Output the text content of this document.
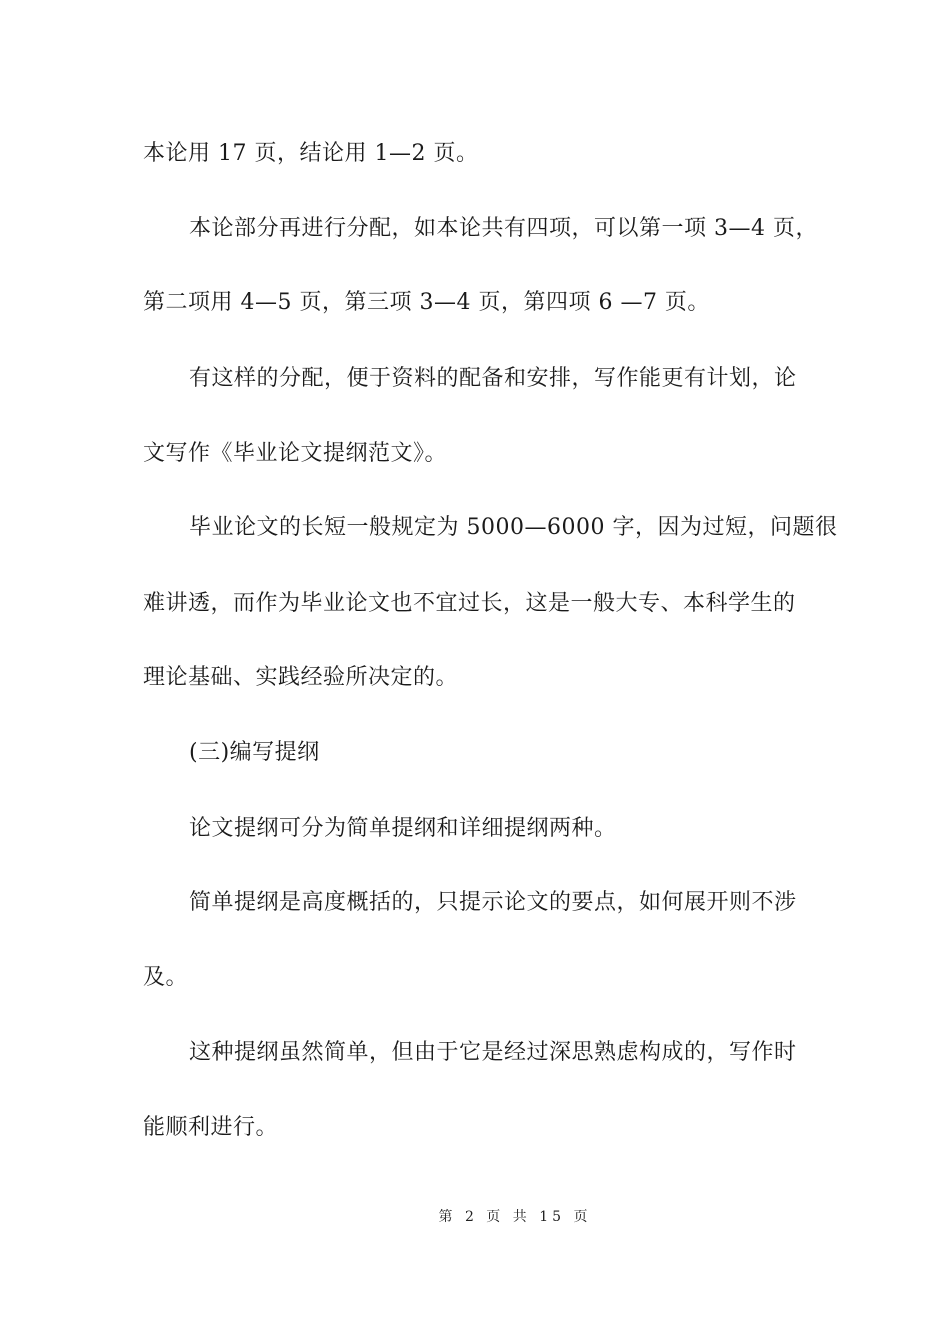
本论用 17 页，结论用 1—2 页。
本论部分再进行分配，如本论共有四项，可以第一项 3—4 页，
第二项用 4—5 页，第三项 3—4 页，第四项 6 —7 页。
有这样的分配，便于资料的配备和安排，写作能更有计划，论
文写作《毕业论文提纲范文》。
毕业论文的长短一般规定为 5000—6000 字，因为过短，问题很
难讲透，而作为毕业论文也不宜过长，这是一般大专、本科学生的
理论基础、实践经验所决定的。
(三)编写提纲
论文提纲可分为简单提纲和详细提纲两种。
简单提纲是高度概括的，只提示论文的要点，如何展开则不涉
及。
这种提纲虽然简单，但由于它是经过深思熟虑构成的，写作时
能顺利进行。
第 2 页 共 15 页
